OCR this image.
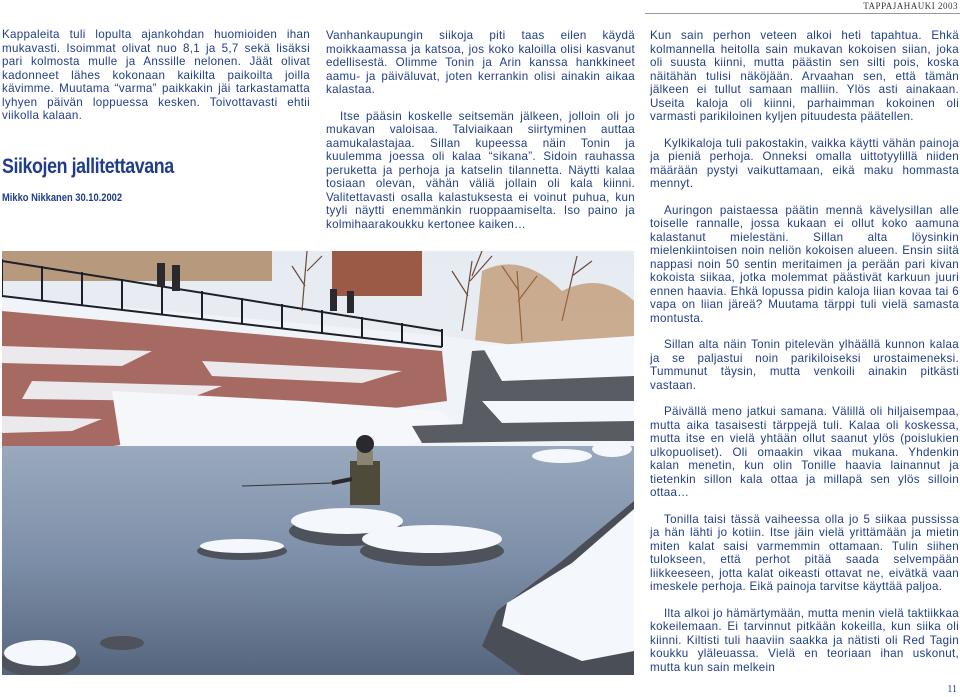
TAPPAJAHAUKI 2003

Kappaleita tuli lopulta ajankohdan huomioiden ihan mukavasti. Isoimmat olivat nuo 8,1 ja 5,7 sekä lisäksi pari kolmosta mulle ja Anssille nelonen. Jäät olivat kadonneet lähes kokonaan kaikilta paikoilta joilla kävimme. Muutama “varma” paikkakin jäi tarkastamatta lyhyen päivän loppuessa kesken. Toivottavasti ehtii viikolla kalaan.

Siikojen jallitettavana
Mikko Nikkanen 30.10.2002

Vanhankaupungin siikoja piti taas eilen käydä moikkaamassa ja katsoa, jos koko kaloilla olisi kasvanut edellisestä. Olimme Tonin ja Arin kanssa hankkineet aamu- ja päiväluvat, joten kerrankin olisi ainakin aikaa kalastaa.

Itse pääsin koskelle seitsemän jälkeen, jolloin oli jo mukavan valoisaa. Talviaikaan siirtyminen auttaa aamukalastajaa. Sillan kupeessa näin Tonin ja kuulemma joessa oli kalaa “sikana”. Sidoin rauhassa peruketta ja perhoja ja katselin tilannetta. Näytti kalaa tosiaan olevan, vähän väliä jollain oli kala kiinni. Valitettavasti osalla kalastuksesta ei voinut puhua, kun tyyli näytti enemmänkin ruoppaamiselta. Iso paino ja kolmihaarakoukku kertonee kaiken…

Kun sain perhon veteen alkoi heti tapahtua. Ehkä kolmannella heitolla sain mukavan kokoisen siian, joka oli suusta kiinni, mutta päästin sen silti pois, koska näitähän tulisi näköjään. Arvaahan sen, että tämän jälkeen ei tullut samaan malliin. Ylös asti ainakaan. Useita kaloja oli kiinni, parhaimman kokoinen oli varmasti parikiloinen kyljen pituudesta päätellen.

Kylkikaloja tuli pakostakin, vaikka käytti vähän painoja ja pieniä perhoja. Onneksi omalla uittotyylillä niiden määrään pystyi vaikuttamaan, eikä maku hommasta mennyt.

Auringon paistaessa päätin mennä kävelysillan alle toiselle rannalle, jossa kukaan ei ollut koko aamuna kalastanut mielestäni. Sillan alta löysinkin mielenkiintoisen noin neliön kokoisen alueen. Ensin siitä nappasi noin 50 sentin meritaimen ja perään pari kivan kokoista siikaa, jotka molemmat päästivät karkuun juuri ennen haavia. Ehkä lopussa pidin kaloja liian kovaa tai 6 vapa on liian järeä? Muutama tärppi tuli vielä samasta montusta.

Sillan alta näin Tonin pitelevän ylhäällä kunnon kalaa ja se paljastui noin parikiloiseksi urostaimeneksi. Tummunut täysin, mutta venkoili ainakin pitkästi vastaan.

Päivällä meno jatkui samana. Välillä oli hiljaisempaa, mutta aika tasaisesti tärppejä tuli. Kalaa oli koskessa, mutta itse en vielä yhtään ollut saanut ylös (poislukien ulkopuoliset). Oli omaakin vikaa mukana. Yhdenkin kalan menetin, kun olin Tonille haavia lainannut ja tietenkin sillon kala ottaa ja millapä sen ylös silloin ottaa…

Tonilla taisi tässä vaiheessa olla jo 5 siikaa pussissa ja hän lähti jo kotiin. Itse jäin vielä yrittämään ja mietin miten kalat saisi varmemmin ottamaan. Tulin siihen tulokseen, että perhot pitää saada selvempään liikkeeseen, jotta kalat oikeasti ottavat ne, eivätkä vaan imeskele perhoja. Eikä painoja tarvitse käyttää paljoa.

Ilta alkoi jo hämärtymään, mutta menin vielä taktiikkaa kokeilemaan. Ei tarvinnut pitkään kokeilla, kun siika oli kiinni. Kiltisti tuli haaviin saakka ja nätisti oli Red Tagin koukku yläleuassa. Vielä en teoriaan ihan uskonut, mutta kun sain melkein

11
